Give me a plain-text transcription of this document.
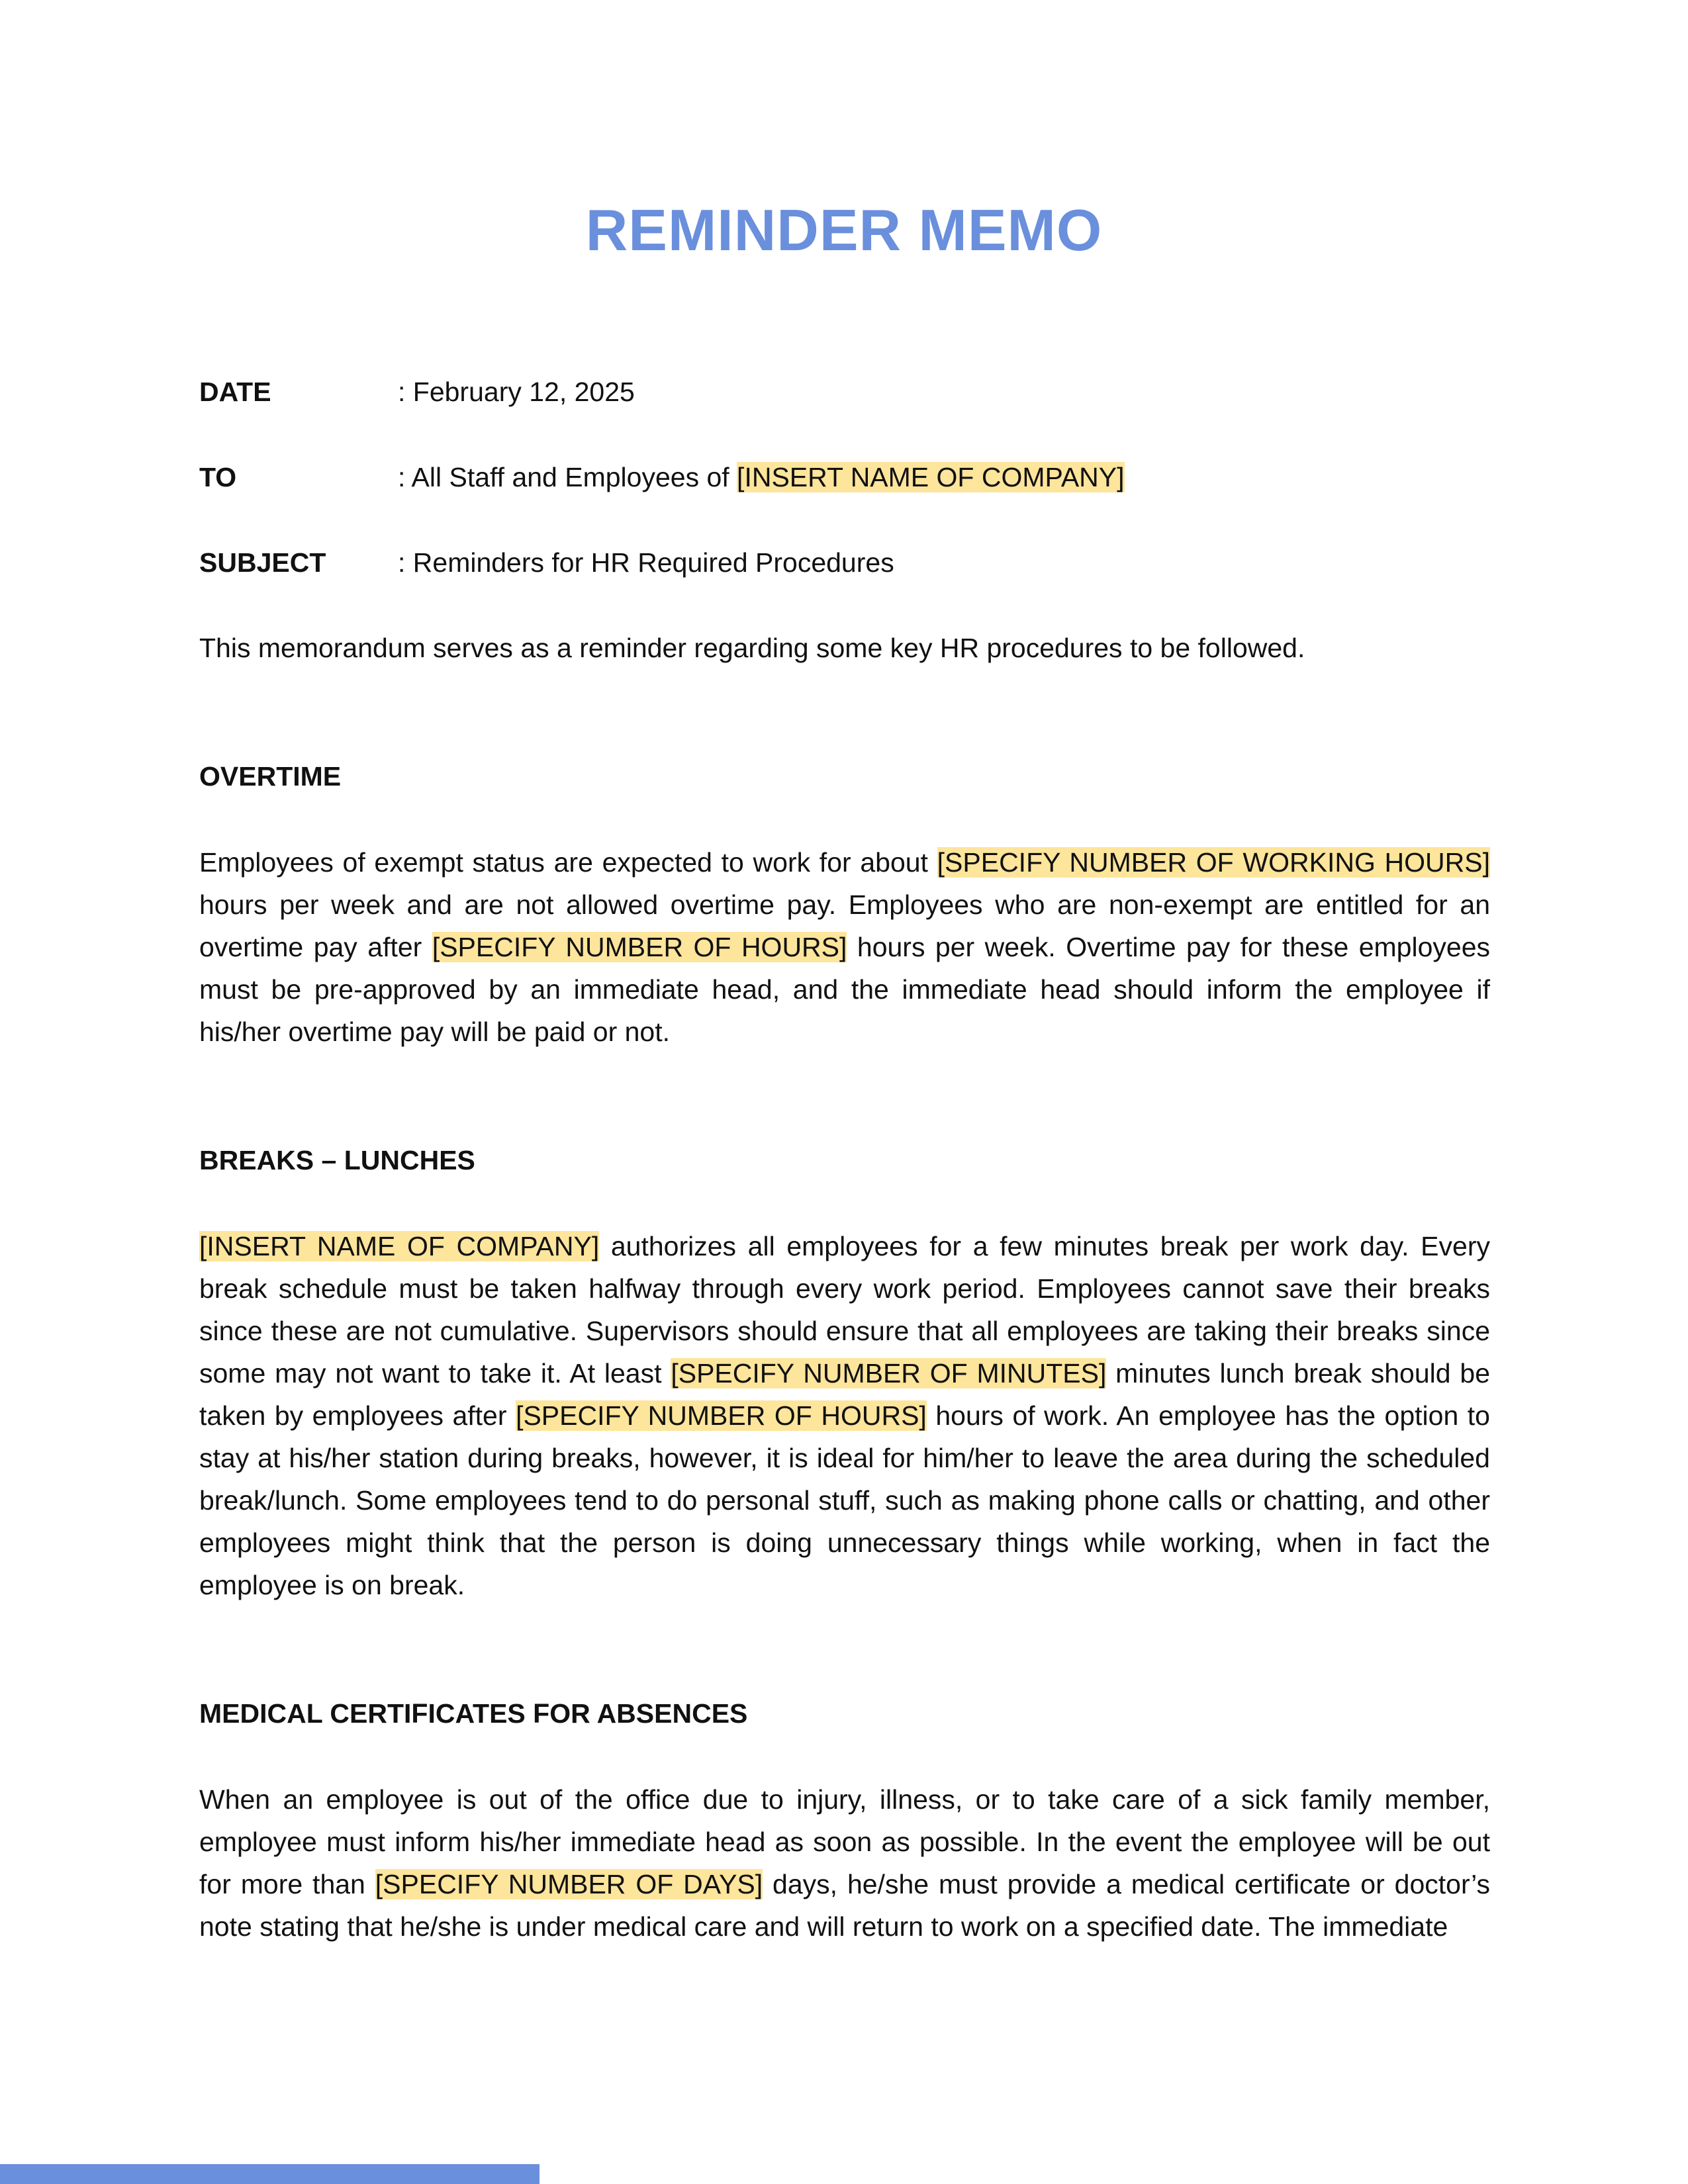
REMINDER MEMO
DATE	: February 12, 2025
TO	: All Staff and Employees of [INSERT NAME OF COMPANY]
SUBJECT	: Reminders for HR Required Procedures

This memorandum serves as a reminder regarding some key HR procedures to be followed.

OVERTIME

Employees of exempt status are expected to work for about [SPECIFY NUMBER OF WORKING HOURS] hours per week and are not allowed overtime pay. Employees who are non-exempt are entitled for an overtime pay after [SPECIFY NUMBER OF HOURS] hours per week. Overtime pay for these employees must be pre-approved by an immediate head, and the immediate head should inform the employee if his/her overtime pay will be paid or not.

BREAKS – LUNCHES

[INSERT NAME OF COMPANY] authorizes all employees for a few minutes break per work day. Every break schedule must be taken halfway through every work period. Employees cannot save their breaks since these are not cumulative. Supervisors should ensure that all employees are taking their breaks since some may not want to take it. At least [SPECIFY NUMBER OF MINUTES] minutes lunch break should be taken by employees after [SPECIFY NUMBER OF HOURS] hours of work. An employee has the option to stay at his/her station during breaks, however, it is ideal for him/her to leave the area during the scheduled break/lunch. Some employees tend to do personal stuff, such as making phone calls or chatting, and other employees might think that the person is doing unnecessary things while working, when in fact the employee is on break.

MEDICAL CERTIFICATES FOR ABSENCES

When an employee is out of the office due to injury, illness, or to take care of a sick family member, employee must inform his/her immediate head as soon as possible. In the event the employee will be out for more than [SPECIFY NUMBER OF DAYS] days, he/she must provide a medical certificate or doctor’s note stating that he/she is under medical care and will return to work on a specified date. The immediate
